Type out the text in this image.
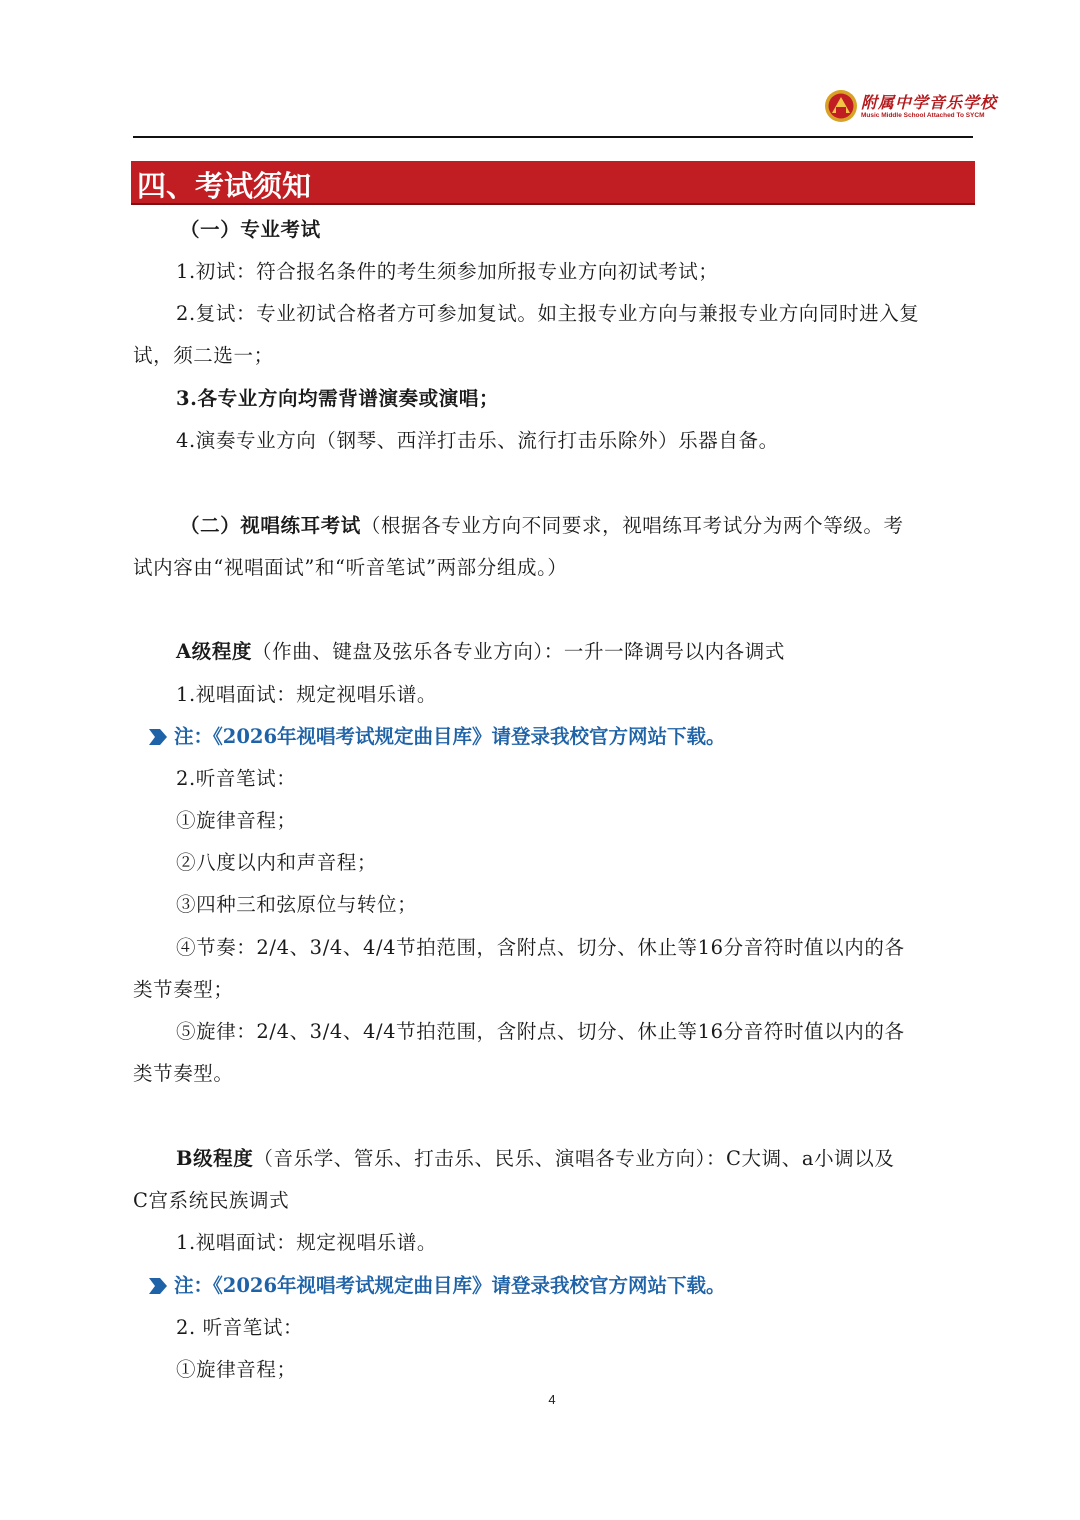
附属中学音乐学校
Music Middle School Attached To SYCM
四、考试须知
（一）专业考试
1.初试：符合报名条件的考生须参加所报专业方向初试考试；
2.复试：专业初试合格者方可参加复试。如主报专业方向与兼报专业方向同时进入复
试，须二选一；
3.各专业方向均需背谱演奏或演唱；
4.演奏专业方向（钢琴、西洋打击乐、流行打击乐除外）乐器自备。
（二）视唱练耳考试（根据各专业方向不同要求，视唱练耳考试分为两个等级。考
试内容由“视唱面试”和“听音笔试”两部分组成。）
A级程度（作曲、键盘及弦乐各专业方向）：一升一降调号以内各调式
1.视唱面试：规定视唱乐谱。
注：《2026年视唱考试规定曲目库》请登录我校官方网站下载。
2.听音笔试：
①旋律音程；
②八度以内和声音程；
③四种三和弦原位与转位；
④节奏：2/4、3/4、4/4节拍范围，含附点、切分、休止等16分音符时值以内的各
类节奏型；
⑤旋律：2/4、3/4、4/4节拍范围，含附点、切分、休止等16分音符时值以内的各
类节奏型。
B级程度（音乐学、管乐、打击乐、民乐、演唱各专业方向）：C大调、a小调以及
C宫系统民族调式
1.视唱面试：规定视唱乐谱。
注：《2026年视唱考试规定曲目库》请登录我校官方网站下载。
2. 听音笔试：
①旋律音程；
4
